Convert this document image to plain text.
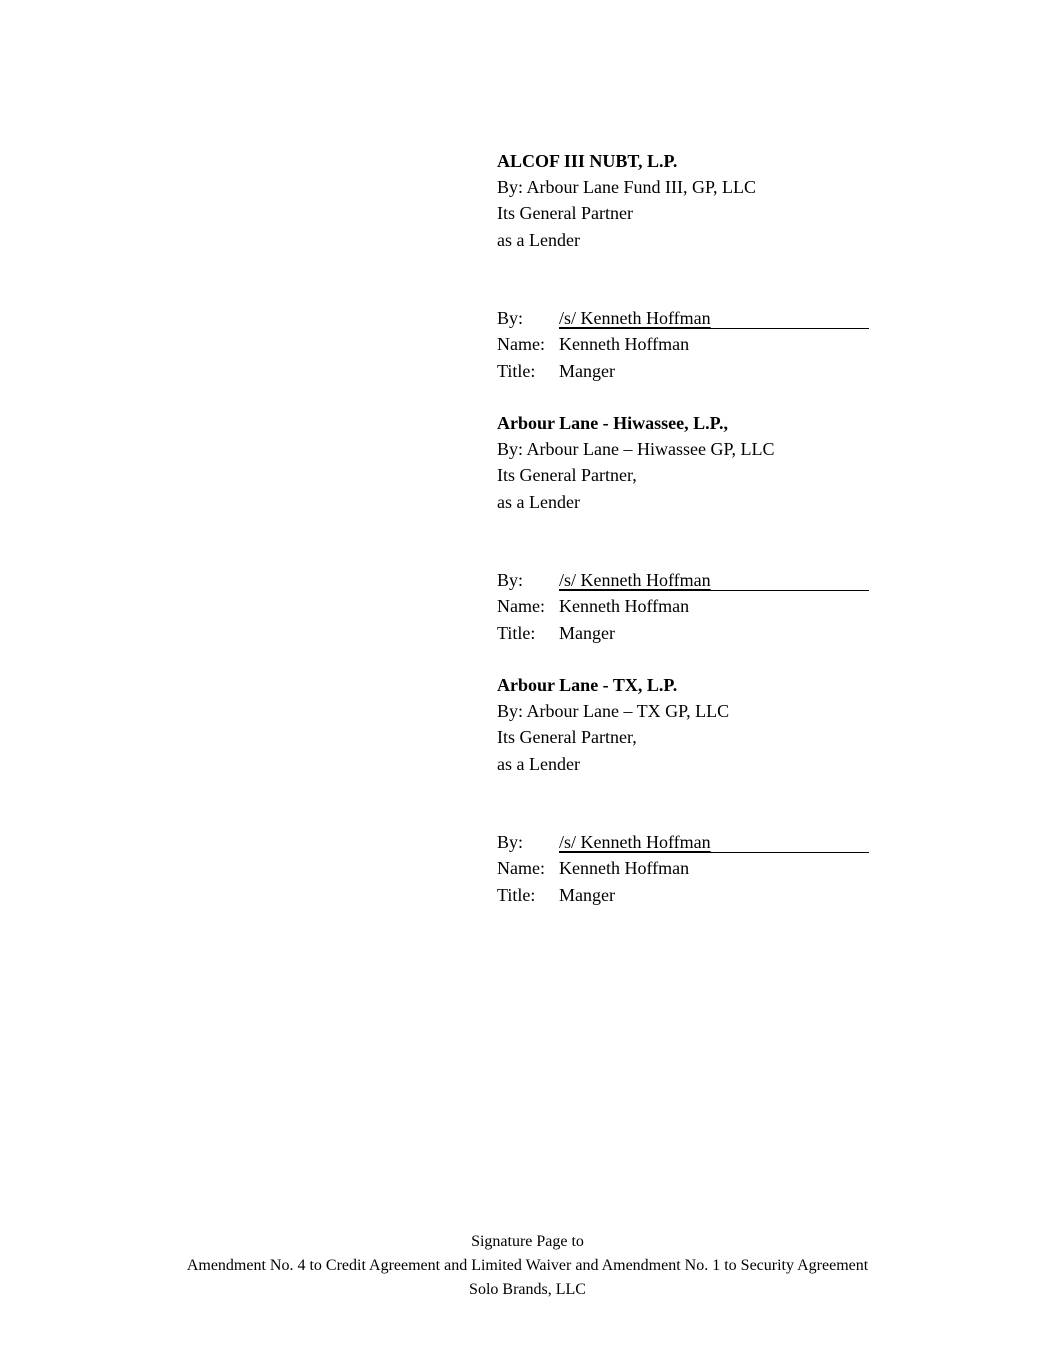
ALCOF III NUBT, L.P.
By: Arbour Lane Fund III, GP, LLC
Its General Partner
as a Lender
By:	/s/ Kenneth Hoffman
Name: Kenneth Hoffman
Title:	Manger
Arbour Lane - Hiwassee, L.P.,
By: Arbour Lane – Hiwassee GP, LLC
Its General Partner,
as a Lender
By:	/s/ Kenneth Hoffman
Name: Kenneth Hoffman
Title:	Manger
Arbour Lane - TX, L.P.
By: Arbour Lane – TX GP, LLC
Its General Partner,
as a Lender
By:	/s/ Kenneth Hoffman
Name: Kenneth Hoffman
Title:	Manger
Signature Page to
Amendment No. 4 to Credit Agreement and Limited Waiver and Amendment No. 1 to Security Agreement
Solo Brands, LLC
